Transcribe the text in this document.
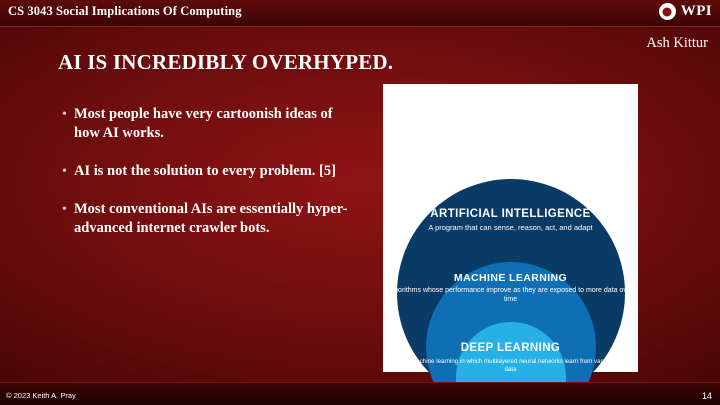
CS 3043 Social Implications Of Computing	WPI
Ash Kittur
AI IS INCREDIBLY OVERHYPED.
• Most people have very cartoonish ideas of how AI works.
• AI is not the solution to every problem. [5]
• Most conventional AIs are essentially hyper-advanced internet crawler bots.
ARTIFICIAL INTELLIGENCE
A program that can sense, reason, act, and adapt
MACHINE LEARNING
Algorithms whose performance improve as they are exposed to more data over time
DEEP LEARNING
Subset of machine learning in which multilayered neural networks learn from vast amounts of data
© 2023 Keith A. Pray	14
